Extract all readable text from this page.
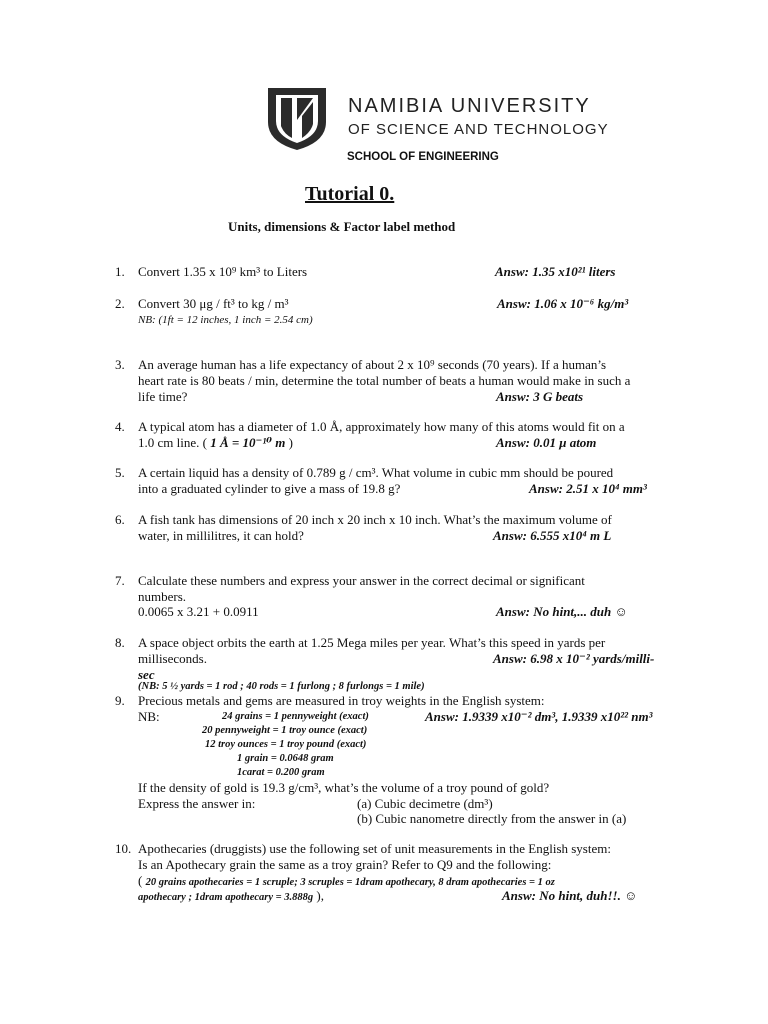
NAMIBIA UNIVERSITY
OF SCIENCE AND TECHNOLOGY
SCHOOL OF ENGINEERING
Tutorial 0.
Units, dimensions & Factor label method
1. Convert 1.35 x 10⁹ km³ to Liters	Answ: 1.35 x10²¹ liters
2. Convert 30 μg / ft³ to kg / m³	Answ: 1.06 x 10⁻⁶ kg/m³
NB: (1ft = 12 inches, 1 inch = 2.54 cm)
3. An average human has a life expectancy of about 2 x 10⁹ seconds (70 years). If a human’s
heart rate is 80 beats / min, determine the total number of beats a human would make in such a
life time?	Answ: 3 G beats
4. A typical atom has a diameter of 1.0 Å, approximately how many of this atoms would fit on a
1.0 cm line. ( 1 Å = 10⁻¹⁰ m )	Answ: 0.01 μ atom
5. A certain liquid has a density of 0.789 g / cm³. What volume in cubic mm should be poured
into a graduated cylinder to give a mass of 19.8 g?	Answ: 2.51 x 10⁴ mm³
6. A fish tank has dimensions of 20 inch x 20 inch x 10 inch. What’s the maximum volume of
water, in millilitres, it can hold?	Answ: 6.555 x10⁴ m L
7. Calculate these numbers and express your answer in the correct decimal or significant
numbers.
0.0065 x 3.21 + 0.0911	Answ: No hint,... duh ☺
8. A space object orbits the earth at 1.25 Mega miles per year. What’s this speed in yards per
milliseconds.	Answ: 6.98 x 10⁻² yards/milli-
sec
(NB: 5 ½ yards = 1 rod ; 40 rods = 1 furlong ; 8 furlongs = 1 mile)
9. Precious metals and gems are measured in troy weights in the English system:
NB:	24 grains = 1 pennyweight (exact)	Answ: 1.9339 x10⁻² dm³, 1.9339 x10²² nm³
20 pennyweight = 1 troy ounce (exact)
12 troy ounces = 1 troy pound (exact)
1 grain = 0.0648 gram
1carat = 0.200 gram
If the density of gold is 19.3 g/cm³, what’s the volume of a troy pound of gold?
Express the answer in:	(a) Cubic decimetre (dm³)
(b) Cubic nanometre directly from the answer in (a)
10. Apothecaries (druggists) use the following set of unit measurements in the English system:
Is an Apothecary grain the same as a troy grain? Refer to Q9 and the following:
( 20 grains apothecaries = 1 scruple; 3 scruples = 1dram apothecary, 8 dram apothecaries = 1 oz
apothecary ; 1dram apothecary = 3.888g ),	Answ: No hint, duh!!. ☺
